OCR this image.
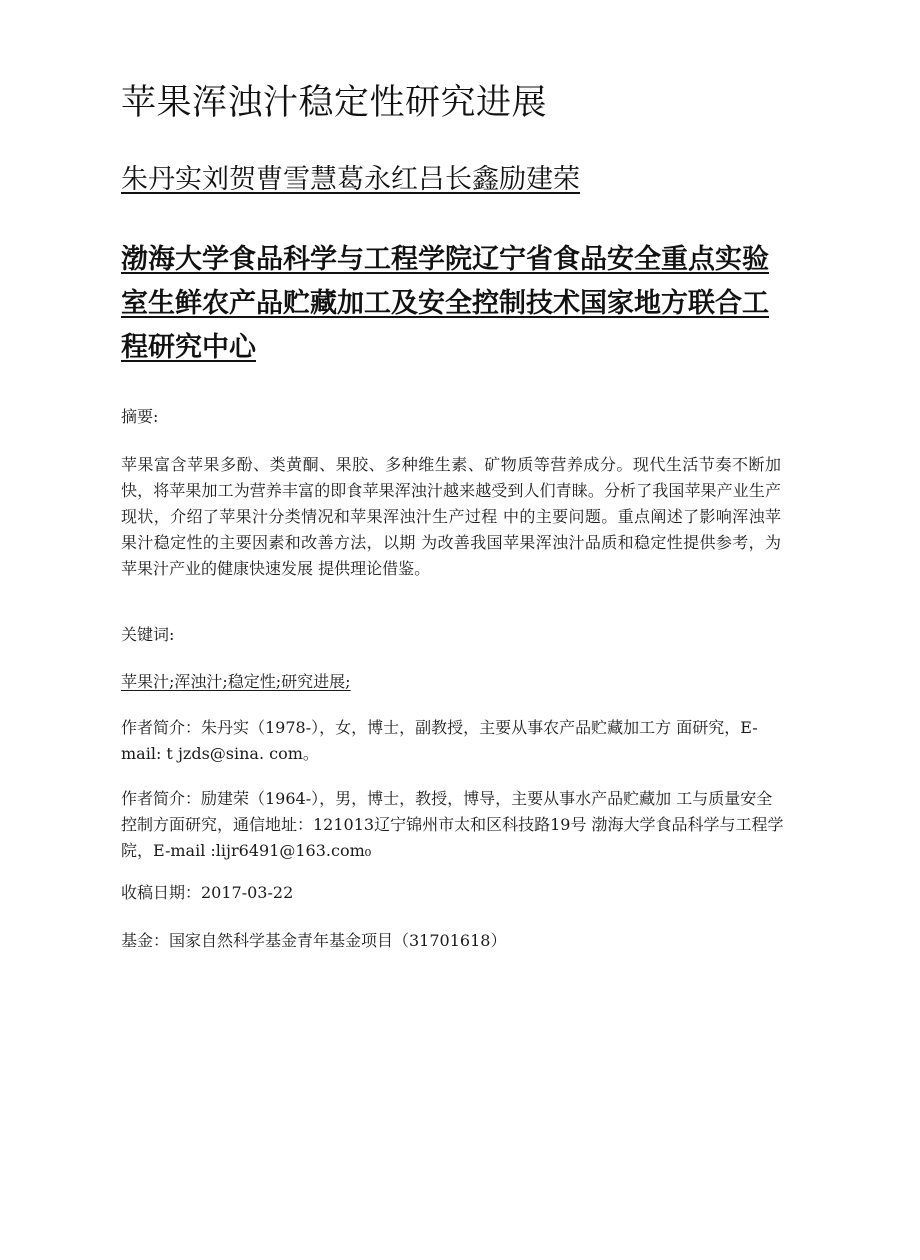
苹果浑浊汁稳定性研究进展
朱丹实刘贺曹雪慧葛永红吕长鑫励建荣
渤海大学食品科学与工程学院辽宁省食品安全重点实验室生鲜农产品贮藏加工及安全控制技术国家地方联合工程研究中心
摘要:
苹果富含苹果多酚、类黄酮、果胶、多种维生素、矿物质等营养成分。现代生活节奏不断加快，将苹果加工为营养丰富的即食苹果浑浊汁越来越受到人们青睐。分析了我国苹果产业生产现状，介绍了苹果汁分类情况和苹果浑浊汁生产过程 中的主要问题。重点阐述了影响浑浊苹果汁稳定性的主要因素和改善方法，以期 为改善我国苹果浑浊汁品质和稳定性提供参考，为苹果汁产业的健康快速发展 提供理论借鉴。
关键词:
苹果汁;浑浊汁;稳定性;研究进展;
作者简介：朱丹实（1978-），女，博士，副教授，主要从事农产品贮藏加工方 面研究，E-mail: t jzds@sina. com。
作者简介：励建荣（1964-），男，博士，教授，博导，主要从事水产品贮藏加 工与质量安全控制方面研究，通信地址：121013辽宁锦州市太和区科技路19号 渤海大学食品科学与工程学院，E-mail :lijr6491@163.com₀
收稿日期：2017-03-22
基金：国家自然科学基金青年基金项目（31701618）
